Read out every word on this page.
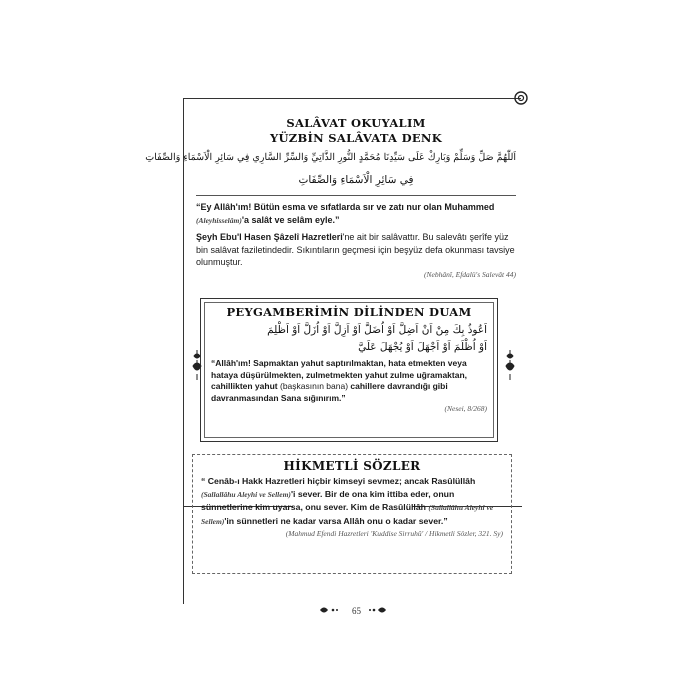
SALÂVAT OKUYALIM
YÜZBİN SALÂVATA DENK
اَللّٰهُمَّ صَلِّ وَسَلِّمْ وَبَارِكْ عَلَى سَيِّدِنَا مُحَمَّدٍ النُّورِ الذَّاتِيِّ وَالسِّرِّ السَّارِي فِي سَائِرِ الْاَسْمَاءِ وَالصِّفَاتِ
فِي سَائِرِ الْاَسْمَاءِ وَالصِّفَاتِ
“Ey Allâh'ım! Bütün esma ve sıfatlarda sır ve zatı nur olan Muhammed (Aleyhisselâm)'a salât ve selâm eyle.”
Şeyh Ebu'l Hasen Şâzelî Hazretleri'ne ait bir salâvattır. Bu salevâtı şerîfe yüz bin salâvat faziletindedir. Sıkıntıların geçmesi için beşyüz defa okunması tavsiye olunmuştur.
(Nebhânî, Efdalü's Salevât 44)
PEYGAMBERİMİN DİLİNDEN DUAM
اَعُوذُ بِكَ مِنْ اَنْ اَضِلَّ اَوْ اُضَلَّ اَوْ اَزِلَّ اَوْ اُزَلَّ اَوْ اَظْلِمَ
اَوْ اُظْلَمَ اَوْ اَجْهَلَ اَوْ يُجْهَلَ عَلَيَّ
“Allâh'ım! Sapmaktan yahut saptırılmaktan, hata etmekten veya hataya düşürülmekten, zulmetmekten yahut zulme uğramaktan, cahillikten yahut (başkasının bana) cahillere davrandığı gibi davranmasından Sana sığınırım.”
(Nesei, 8/268)
HİKMETLİ SÖZLER
“ Cenâb-ı Hakk Hazretleri hiçbir kimseyi sevmez; ancak Rasûlüllâh (Sallallâhu Aleyhi ve Sellem)'i sever. Bir de ona kim ittiba eder, onun sünnetlerine kim uyarsa, onu sever. Kim de Rasûlüllâh (Sallallâhu Aleyhi ve Sellem)'in sünnetleri ne kadar varsa Allâh onu o kadar sever.”
(Mahmud Efendi Hazretleri 'Kuddise Sirruhû' / Hikmetli Sözler, 321. Sy)
65
